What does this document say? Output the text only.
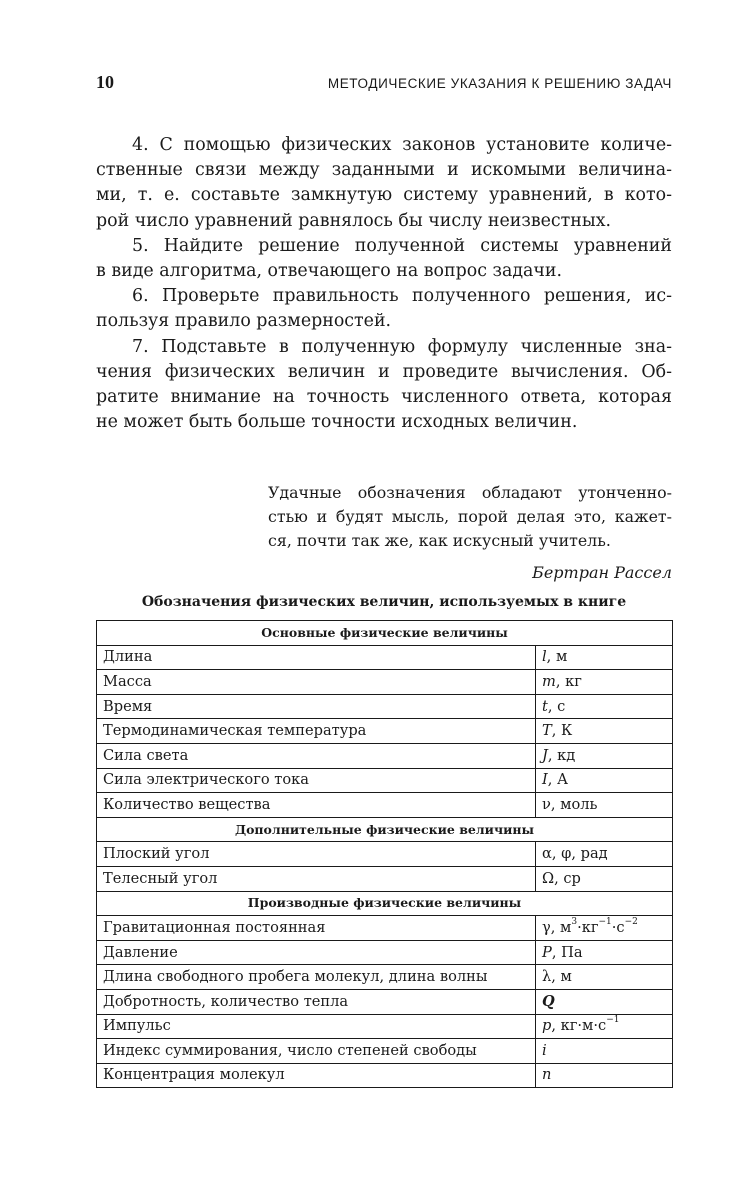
10	МЕТОДИЧЕСКИЕ УКАЗАНИЯ К РЕШЕНИЮ ЗАДАЧ
4. С помощью физических законов установите количе-
ственные связи между заданными и искомыми величина-
ми, т. е. составьте замкнутую систему уравнений, в кото-
рой число уравнений равнялось бы числу неизвестных.
5. Найдите решение полученной системы уравнений
в виде алгоритма, отвечающего на вопрос задачи.
6. Проверьте правильность полученного решения, ис-
пользуя правило размерностей.
7. Подставьте в полученную формулу численные зна-
чения физических величин и проведите вычисления. Об-
ратите внимание на точность численного ответа, которая
не может быть больше точности исходных величин.
Удачные обозначения обладают утонченно-
стью и будят мысль, порой делая это, кажет-
ся, почти так же, как искусный учитель.
Бертран Рассел
Обозначения физических величин, используемых в книге
Основные физические величины	
Длина	l, м
Масса	m, кг
Время	t, с
Термодинамическая температура	T, К
Сила света	J, кд
Сила электрического тока	I, А
Количество вещества	ν, моль
Дополнительные физические величины	
Плоский угол	α, φ, рад
Телесный угол	Ω, ср
Производные физические величины	
Гравитационная постоянная	γ, $м^3\cdot кг^{-1}\cdot с^{-2}$
Давление	P, Па
Длина свободного пробега молекул, длина волны	λ, м
Добротность, количество тепла	Q
Импульс	p, $кг\cdot м\cdot с^{-1}$
Индекс суммирования, число степеней свободы	i
Концентрация молекул	n
